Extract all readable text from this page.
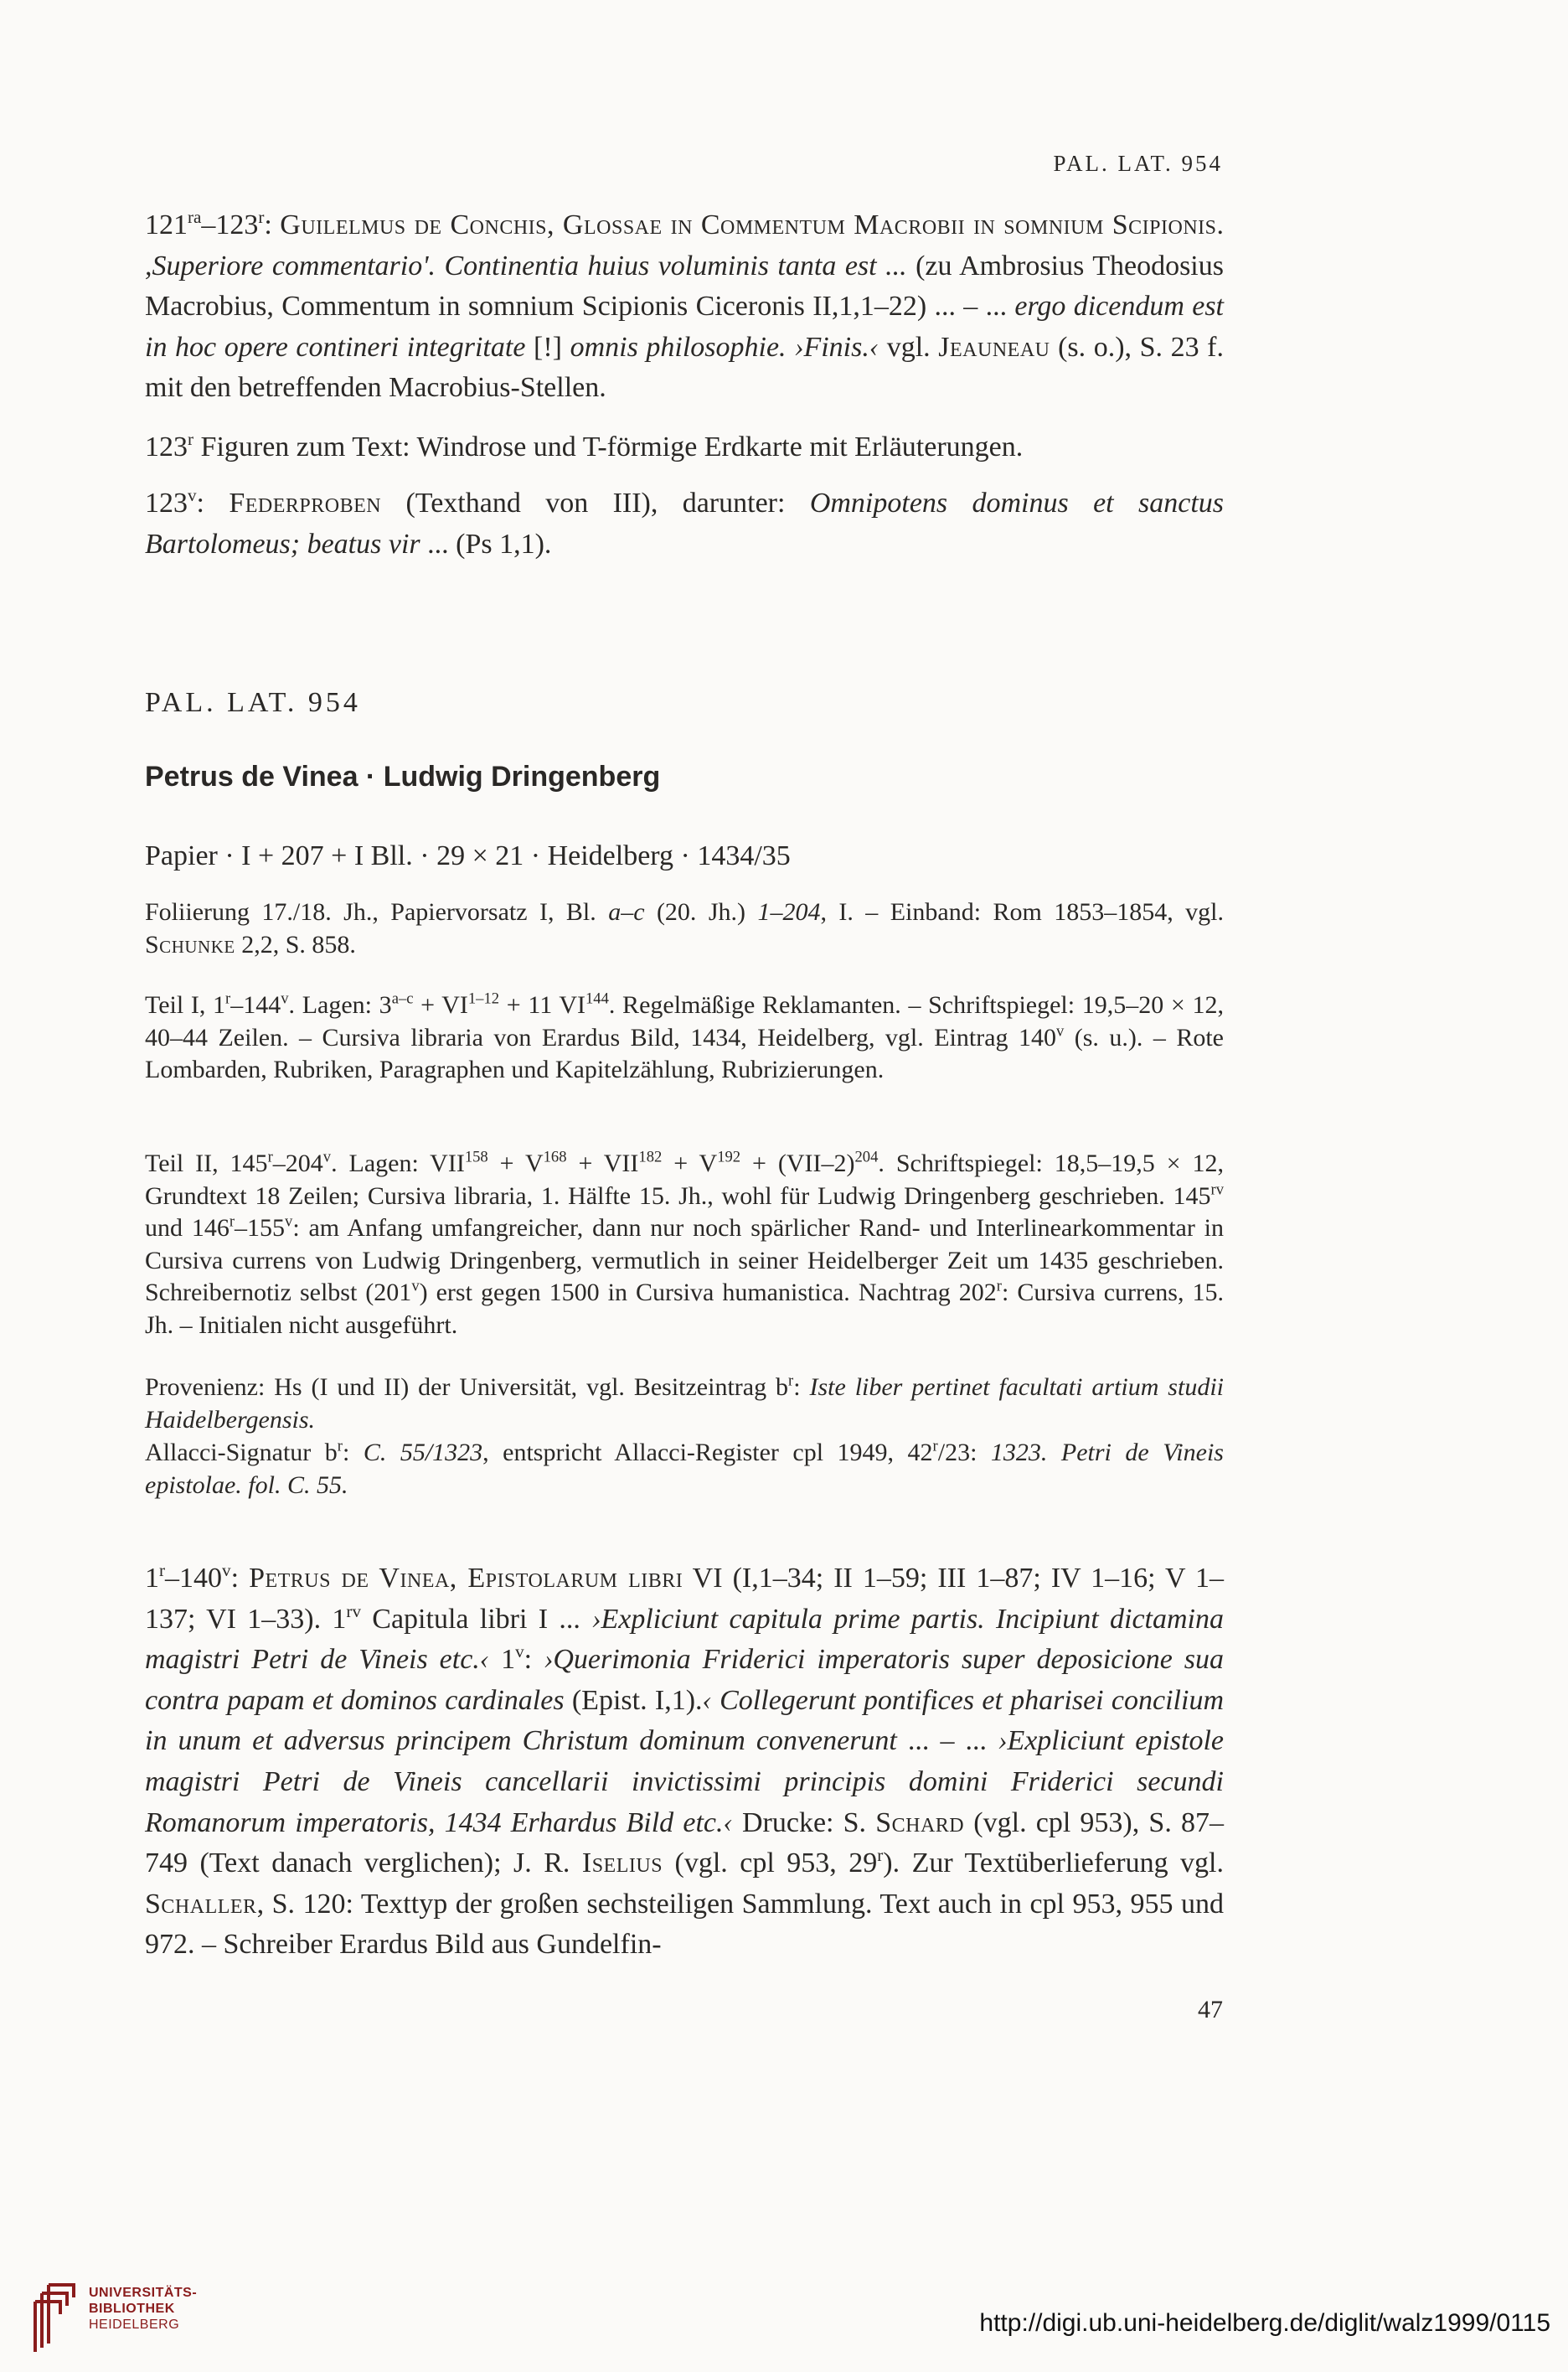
PAL. LAT. 954

$121^{ra}-123^r$: Guilelmus de Conchis, Glossae in Commentum Macrobii in somnium Scipionis. ,Superiore commentario'. Continentia huius voluminis tanta est ... (zu Ambrosius Theodosius Macrobius, Commentum in somnium Scipionis Ciceronis II,1,1–22) ... – ... ergo dicendum est in hoc opere contineri integritate [!] omnis philosophie. ›Finis.‹ vgl. Jeauneau (s. o.), S. 23 f. mit den betreffenden Macrobius-Stellen.

123$^r$ Figuren zum Text: Windrose und T-förmige Erdkarte mit Erläuterungen.

123$^v$: Federproben (Texthand von III), darunter: Omnipotens dominus et sanctus Bartolomeus; beatus vir ... (Ps 1,1).

PAL. LAT. 954
Petrus de Vinea · Ludwig Dringenberg
Papier · I + 207 + I Bll. · 29 × 21 · Heidelberg · 1434/35

Foliierung 17./18. Jh., Papiervorsatz I, Bl. a–c (20. Jh.) 1–204, I. – Einband: Rom 1853–1854, vgl. Schunke 2,2, S. 858.

Teil I, 1$^r$–144$^v$. Lagen: $3^{a-c} + VI^{1-12} + 11$ VI$^{144}$. Regelmäßige Reklamanten. – Schriftspiegel: 19,5–20 × 12, 40–44 Zeilen. – Cursiva libraria von Erardus Bild, 1434, Heidelberg, vgl. Eintrag 140$^v$ (s. u.). – Rote Lombarden, Rubriken, Paragraphen und Kapitelzählung, Rubrizierungen.

Teil II, 145$^r$–204$^v$. Lagen: $VII^{158} + V^{168} + VII^{182} + V^{192} + (VII-2)^{204}$. Schriftspiegel: 18,5–19,5 × 12, Grundtext 18 Zeilen; Cursiva libraria, 1. Hälfte 15. Jh., wohl für Ludwig Dringenberg geschrieben. $145^{rv}$ und 146$^r$–155$^v$: am Anfang umfangreicher, dann nur noch spärlicher Rand- und Interlinearkommentar in Cursiva currens von Ludwig Dringenberg, vermutlich in seiner Heidelberger Zeit um 1435 geschrieben. Schreibernotiz selbst (201$^v$) erst gegen 1500 in Cursiva humanistica. Nachtrag 202$^r$: Cursiva currens, 15. Jh. – Initialen nicht ausgeführt.

Provenienz: Hs (I und II) der Universität, vgl. Besitzeintrag $b^r$: Iste liber pertinet facultati artium studii Haidelbergensis.

Allacci-Signatur $b^r$: C. 55/1323, entspricht Allacci-Register cpl 1949, 42$^r$/23: 1323. Petri de Vineis epistolae. fol. C. 55.

1$^r$–140$^v$: Petrus de Vinea, Epistolarum libri VI (I,1–34; II 1–59; III 1–87; IV 1–16; V 1–137; VI 1–33). $1^{rv}$ Capitula libri I ... ›Expliciunt capitula prime partis. Incipiunt dictamina magistri Petri de Vineis etc.‹ 1$^v$: ›Querimonia Friderici imperatoris super deposicione sua contra papam et dominos cardinales (Epist. I,1).‹ Collegerunt pontifices et pharisei concilium in unum et adversus principem Christum dominum convenerunt ... – ... ›Expliciunt epistole magistri Petri de Vineis cancellarii invictissimi principis domini Friderici secundi Romanorum imperatoris, 1434 Erhardus Bild etc.‹ Drucke: S. Schard (vgl. cpl 953), S. 87–749 (Text danach verglichen); J. R. Iselius (vgl. cpl 953, 29$^r$). Zur Textüberlieferung vgl. Schaller, S. 120: Texttyp der großen sechsteiligen Sammlung. Text auch in cpl 953, 955 und 972. – Schreiber Erardus Bild aus Gundelfin-

47
UNIVERSITÄTS-
BIBLIOTHEK
HEIDELBERG	http://digi.ub.uni-heidelberg.de/diglit/walz1999/0115
